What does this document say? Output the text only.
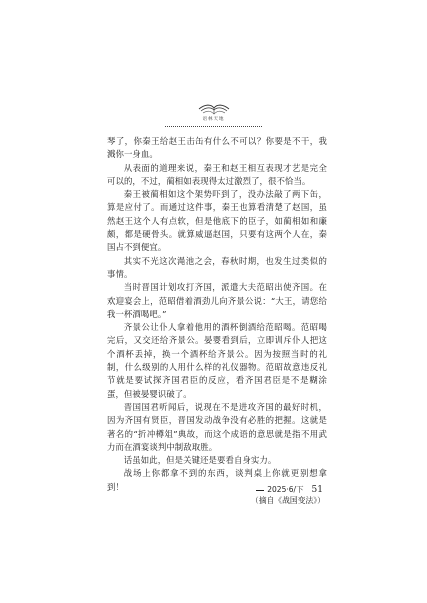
语林天地

琴了，你秦王给赵王击缶有什么不可以？你要是不干，我溅你一身血。

从表面的道理来说，秦王和赵王相互表现才艺是完全可以的，不过，蔺相如表现得太过激烈了，很不恰当。

秦王被蔺相如这个架势吓到了，没办法敲了两下缶，算是应付了。而通过这件事，秦王也算看清楚了赵国，虽然赵王这个人有点软，但是他底下的臣子，如蔺相如和廉颇，都是硬骨头。就算威逼赵国，只要有这两个人在，秦国占不到便宜。

其实不光这次渑池之会，春秋时期，也发生过类似的事情。

当时晋国计划攻打齐国，派遣大夫范昭出使齐国。在欢迎宴会上，范昭借着酒劲儿向齐景公说：“大王，请您给我一杯酒喝吧。”

齐景公让仆人拿着他用的酒杯倒酒给范昭喝。范昭喝完后，又交还给齐景公。晏婴看到后，立即训斥仆人把这个酒杯丢掉，换一个酒杯给齐景公。因为按照当时的礼制，什么级别的人用什么样的礼仪器物。范昭故意违反礼节就是要试探齐国君臣的反应，看齐国君臣是不是糊涂蛋，但被晏婴识破了。

晋国国君听闻后，说现在不是进攻齐国的最好时机，因为齐国有贤臣，晋国发动战争没有必胜的把握。这就是著名的“折冲樽俎”典故，而这个成语的意思就是指不用武力而在酒宴谈判中制敌取胜。

话虽如此，但是关键还是要看自身实力。

战场上你都拿不到的东西，谈判桌上你就更别想拿到！

（摘自《战国变法》）

2025·6/下 51
